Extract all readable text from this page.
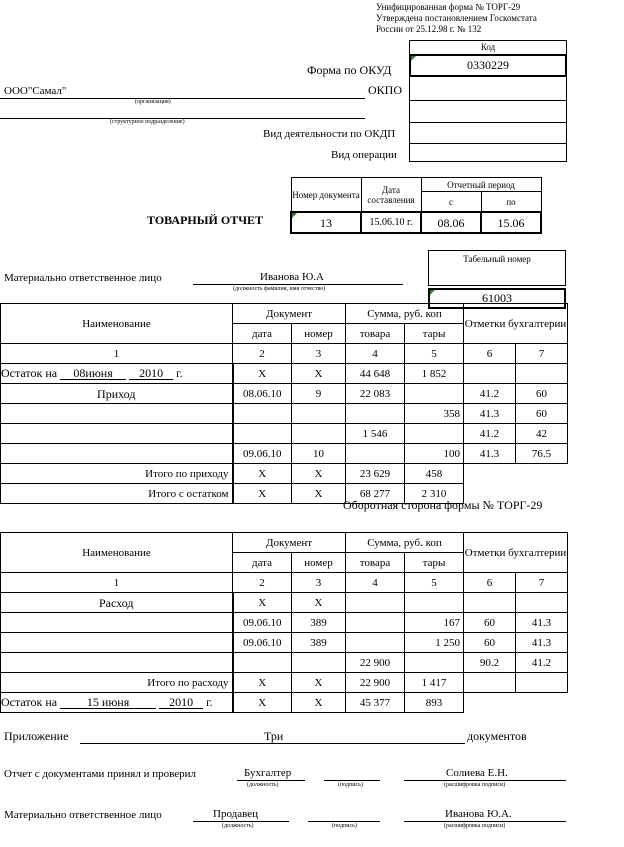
Унифицированная форма № ТОРГ-29
Утверждена постановлением Госкомстата
России от 25.12.98 г. № 132
Код
0330229
Форма по ОКУД
ОКПО
ООО"Самал"
(организация)
(структурное подразделение)
Вид деятельности по ОКДП
Вид операции
ТОВАРНЫЙ ОТЧЕТ
Номер документа	Дата составления	Отчетный период	
		с	по
13	15.06.10 г.	08.06	15.06
Материально ответственное лицо	Иванова Ю.А
(должность фамилия, имя отчество)
Табельный номер
61003
Наименование	Документ		Сумма, руб. коп		Отметки бухгалтерии	
	дата	номер	товара	тары		
1	2	3	4	5	6	7
Остаток на 08июня 2010 г.	Х	Х	44 648	1 852		
Приход	08.06.10	9	22 083		41.2	60
				358	41.3	60
			1 546		41.2	42
	09.06.10	10		100	41.3	76.5
Итого по приходу	Х	Х	23 629	458		
Итого с остатком	Х	Х	68 277	2 310		
Оборотная сторона формы № ТОРГ-29
Наименование	Документ		Сумма, руб. коп		Отметки бухгалтерии	
	дата	номер	товара	тары		
1	2	3	4	5	6	7
Расход	Х	Х				
	09.06.10	389		167	60	41.3
	09.06.10	389		1 250	60	41.3
			22 900		90.2	41.2
Итого по расходу	Х	Х	22 900	1 417		
Остаток на 15 июня 2010 г.	Х	Х	45 377	893		
Приложение	Три	документов
Отчет с документами принял и проверил	Бухгалтер
(должность)	(подпись)
Солиева Е.Н.
(расшифровка подписи)
Материально ответственное лицо	Продавец
(должность)	(подпись)
Иванова Ю.А.
(расшифровка подписи)
